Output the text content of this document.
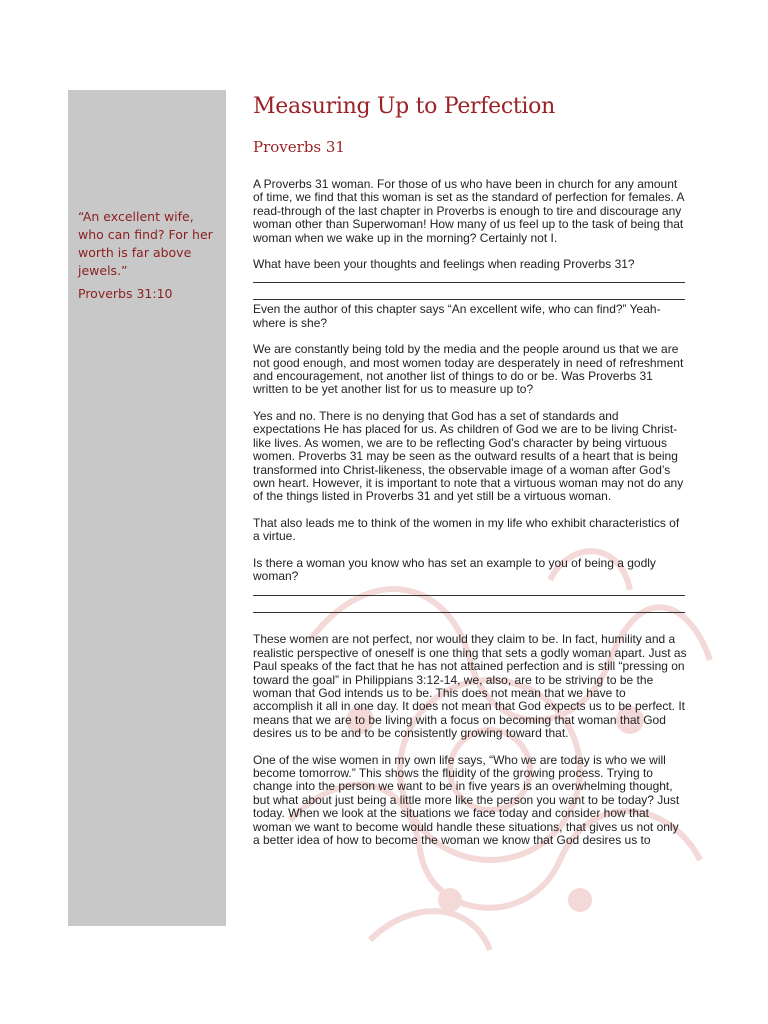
“An excellent wife, who can find? For her worth is far above jewels.”
Proverbs 31:10
Measuring Up to Perfection
Proverbs 31
A Proverbs 31 woman. For those of us who have been in church for any amount of time, we find that this woman is set as the standard of perfection for females. A read-through of the last chapter in Proverbs is enough to tire and discourage any woman other than Superwoman! How many of us feel up to the task of being that woman when we wake up in the morning? Certainly not I.
What have been your thoughts and feelings when reading Proverbs 31?
Even the author of this chapter says “An excellent wife, who can find?” Yeah-where is she?
We are constantly being told by the media and the people around us that we are not good enough, and most women today are desperately in need of refreshment and encouragement, not another list of things to do or be. Was Proverbs 31 written to be yet another list for us to measure up to?
Yes and no. There is no denying that God has a set of standards and expectations He has placed for us. As children of God we are to be living Christ-like lives. As women, we are to be reflecting God’s character by being virtuous women. Proverbs 31 may be seen as the outward results of a heart that is being transformed into Christ-likeness, the observable image of a woman after God’s own heart. However, it is important to note that a virtuous woman may not do any of the things listed in Proverbs 31 and yet still be a virtuous woman.
That also leads me to think of the women in my life who exhibit characteristics of a virtue.
Is there a woman you know who has set an example to you of being a godly woman?
These women are not perfect, nor would they claim to be. In fact, humility and a realistic perspective of oneself is one thing that sets a godly woman apart. Just as Paul speaks of the fact that he has not attained perfection and is still “pressing on toward the goal” in Philippians 3:12-14, we, also, are to be striving to be the woman that God intends us to be. This does not mean that we have to accomplish it all in one day. It does not mean that God expects us to be perfect. It means that we are to be living with a focus on becoming that woman that God desires us to be and to be consistently growing toward that.
One of the wise women in my own life says, “Who we are today is who we will become tomorrow.” This shows the fluidity of the growing process. Trying to change into the person we want to be in five years is an overwhelming thought, but what about just being a little more like the person you want to be today? Just today. When we look at the situations we face today and consider how that woman we want to become would handle these situations, that gives us not only a better idea of how to become the woman we know that God desires us to
